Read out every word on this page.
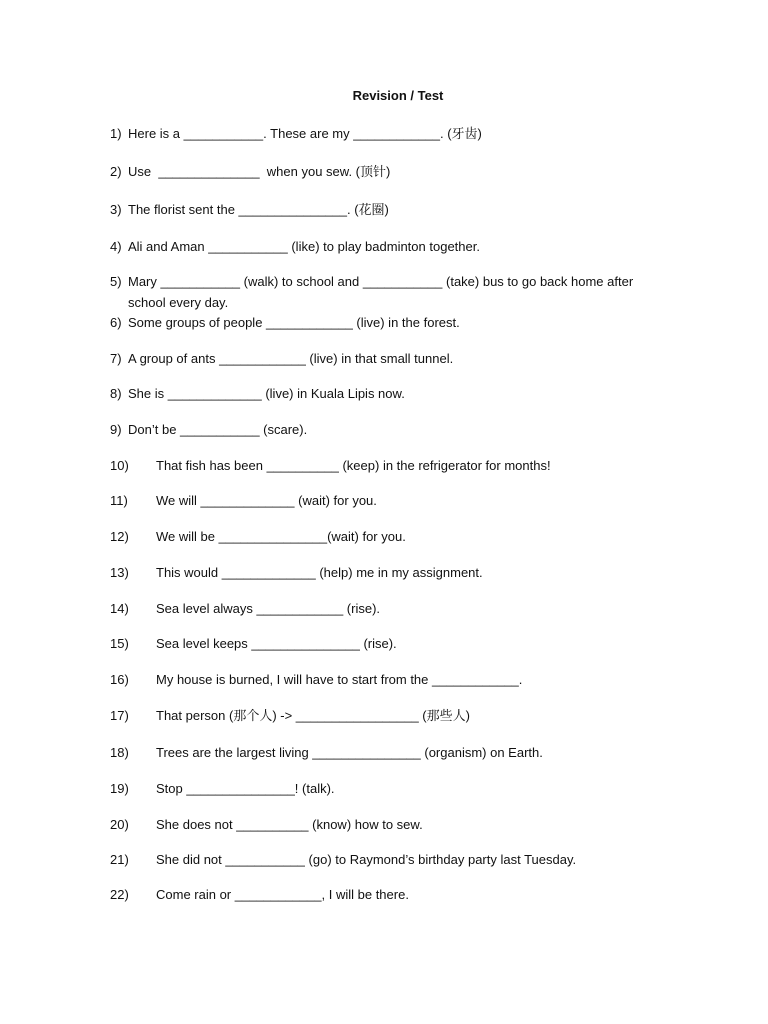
Revision / Test
1) Here is a ___________. These are my ____________. (牙齿)
2) Use  ______________  when you sew. (顶针)
3) The florist sent the _______________. (花圈)
4) Ali and Aman ___________ (like) to play badminton together.
5) Mary ___________ (walk) to school and ___________ (take) bus to go back home after school every day.
6) Some groups of people ____________ (live) in the forest.
7) A group of ants ____________ (live) in that small tunnel.
8) She is _____________ (live) in Kuala Lipis now.
9) Don’t be ___________ (scare).
10) That fish has been __________ (keep) in the refrigerator for months!
11) We will _____________ (wait) for you.
12) We will be _______________(wait) for you.
13) This would _____________ (help) me in my assignment.
14) Sea level always ____________ (rise).
15) Sea level keeps _______________ (rise).
16) My house is burned, I will have to start from the ____________.
17) That person (那个人) -> _________________ (那些人)
18) Trees are the largest living _______________ (organism) on Earth.
19) Stop _______________! (talk).
20) She does not __________ (know) how to sew.
21) She did not ___________ (go) to Raymond’s birthday party last Tuesday.
22) Come rain or ____________, I will be there.
